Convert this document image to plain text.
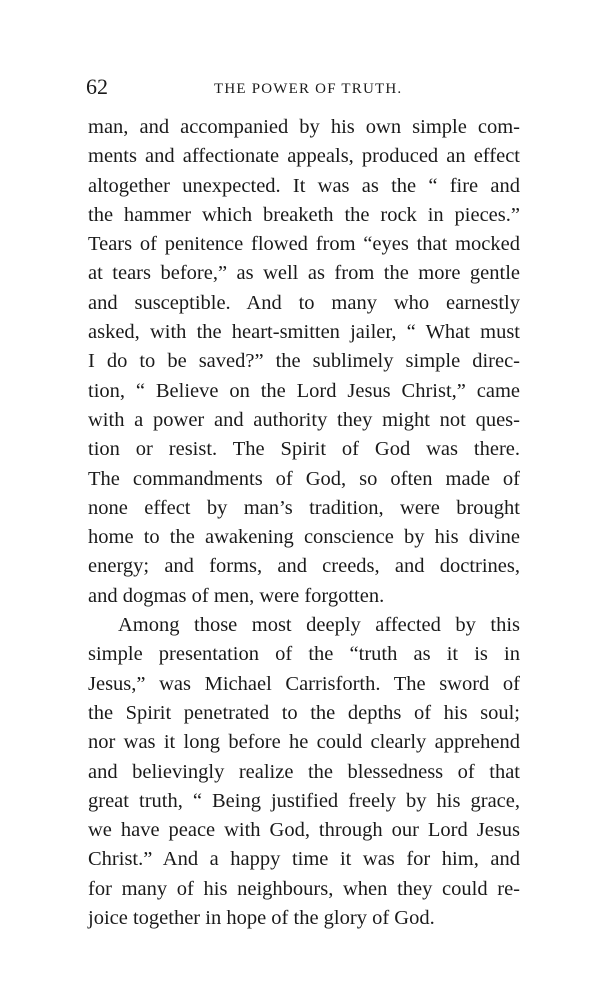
62	THE POWER OF TRUTH.
man, and accompanied by his own simple com-
ments and affectionate appeals, produced an effect
altogether unexpected. It was as the “ fire and
the hammer which breaketh the rock in pieces.”
Tears of penitence flowed from “eyes that mocked
at tears before,” as well as from the more gentle
and susceptible. And to many who earnestly
asked, with the heart-smitten jailer, “ What must
I do to be saved?” the sublimely simple direc-
tion, “ Believe on the Lord Jesus Christ,” came
with a power and authority they might not ques-
tion or resist. The Spirit of God was there.
The commandments of God, so often made of
none effect by man’s tradition, were brought
home to the awakening conscience by his divine
energy; and forms, and creeds, and doctrines,
and dogmas of men, were forgotten.
Among those most deeply affected by this
simple presentation of the “truth as it is in
Jesus,” was Michael Carrisforth. The sword of
the Spirit penetrated to the depths of his soul;
nor was it long before he could clearly apprehend
and believingly realize the blessedness of that
great truth, “ Being justified freely by his grace,
we have peace with God, through our Lord Jesus
Christ.” And a happy time it was for him, and
for many of his neighbours, when they could re-
joice together in hope of the glory of God.
